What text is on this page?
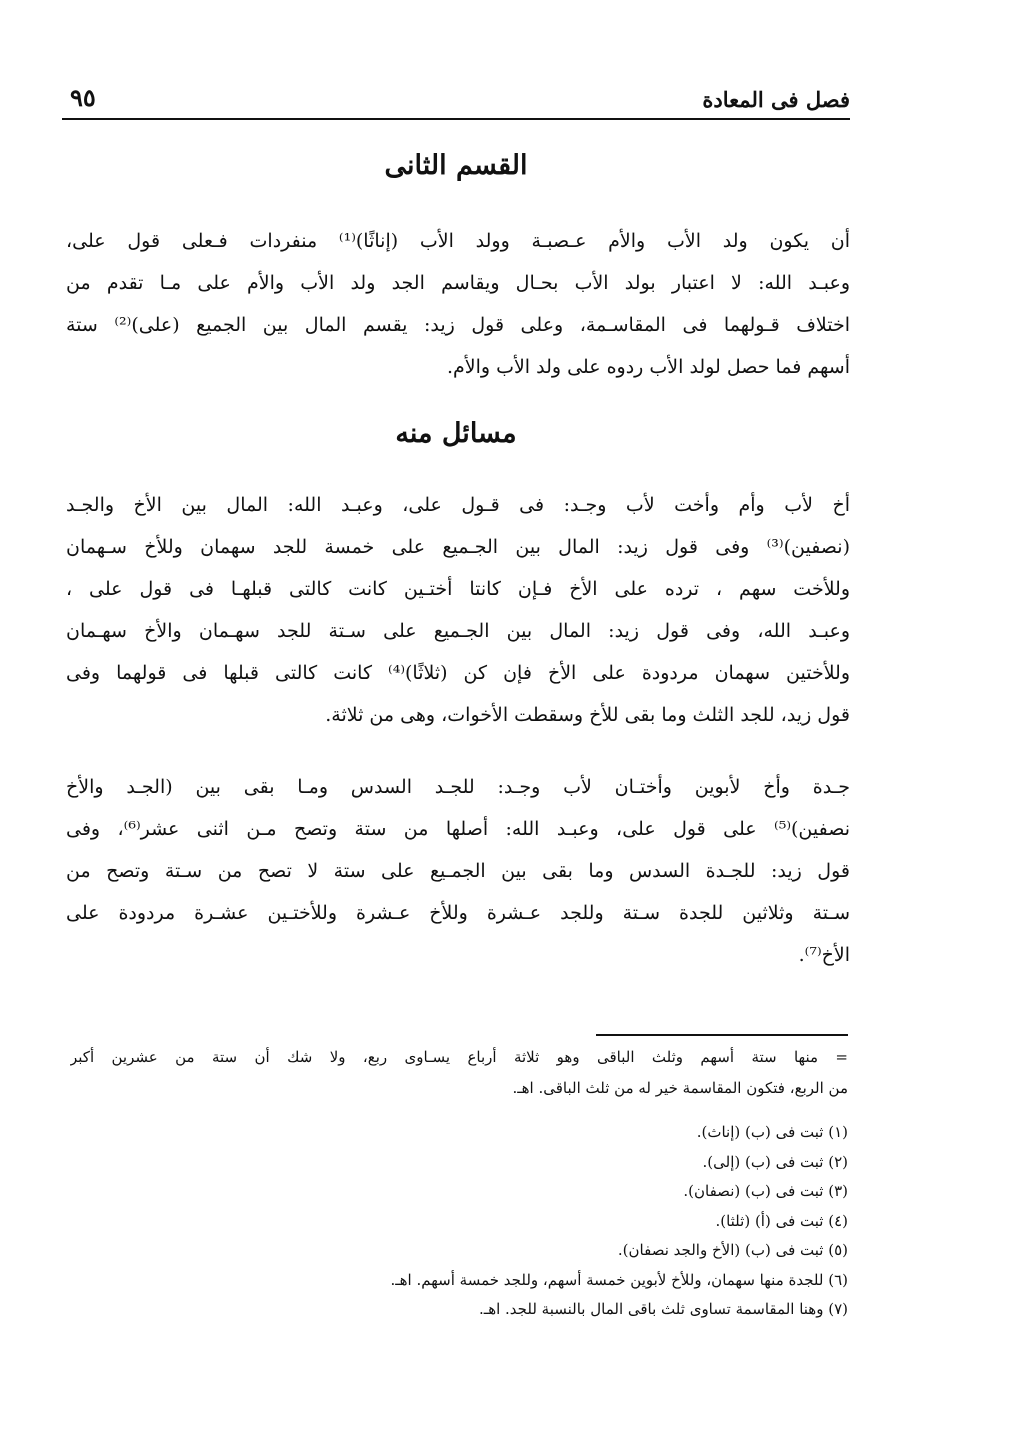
فصل فى المعادة
٩٥
القسم الثانى
أن يكون ولد الأب والأم عـصبـة وولد الأب (إناثًا)⁽¹⁾ منفردات فـعلى قول على،
وعبـد الله: لا اعتبار بولد الأب بحـال ويقاسم الجد ولد الأب والأم على مـا تقدم من
اختلاف قـولهما فى المقاسـمة، وعلى قول زيد: يقسم المال بين الجميع (على)⁽²⁾ ستة
أسهم فما حصل لولد الأب ردوه على ولد الأب والأم.
مسائل منه
أخ لأب وأم وأخت لأب وجـد: فى قـول على، وعبـد الله: المال بين الأخ والجـد
(نصفين)⁽³⁾ وفى قول زيد: المال بين الجـميع على خمسة للجد سهمان وللأخ سـهمان
وللأخت سهم ، ترده على الأخ فـإن كانتا أختـين كانت كالتى قبلهـا فى قول على ،
وعبـد الله، وفى قول زيد: المال بين الجـميع على سـتة للجد سهـمان والأخ سهـمان
وللأختين سهمان مردودة على الأخ فإن كن (ثلاثًا)⁽⁴⁾ كانت كالتى قبلها فى قولهما وفى
قول زيد، للجد الثلث وما بقى للأخ وسقطت الأخوات، وهى من ثلاثة.
جـدة وأخ لأبوين وأختـان لأب وجـد: للجـد السدس ومـا بقى بين (الجـد والأخ
نصفين)⁽⁵⁾ على قول على، وعبـد الله: أصلها من ستة وتصح مـن اثنى عشر⁽⁶⁾، وفى
قول زيد: للجـدة السدس وما بقى بين الجمـيع على ستة لا تصح من سـتة وتصح من
سـتة وثلاثين للجدة سـتة وللجد عـشرة وللأخ عـشرة وللأختـين عشـرة مردودة على
الأخ⁽⁷⁾.
= منها ستة أسهم وثلث الباقى وهو ثلاثة أرباع يسـاوى ربع، ولا شك أن ستة من عشرين أكبر
من الربع، فتكون المقاسمة خير له من ثلث الباقى. اهـ.
(١) ثبت فى (ب) (إناث).
(٢) ثبت فى (ب) (إلى).
(٣) ثبت فى (ب) (نصفان).
(٤) ثبت فى (أ) (ثلثا).
(٥) ثبت فى (ب) (الأخ والجد نصفان).
(٦) للجدة منها سهمان، وللأخ لأبوين خمسة أسهم، وللجد خمسة أسهم. اهـ.
(٧) وهنا المقاسمة تساوى ثلث باقى المال بالنسبة للجد. اهـ.
